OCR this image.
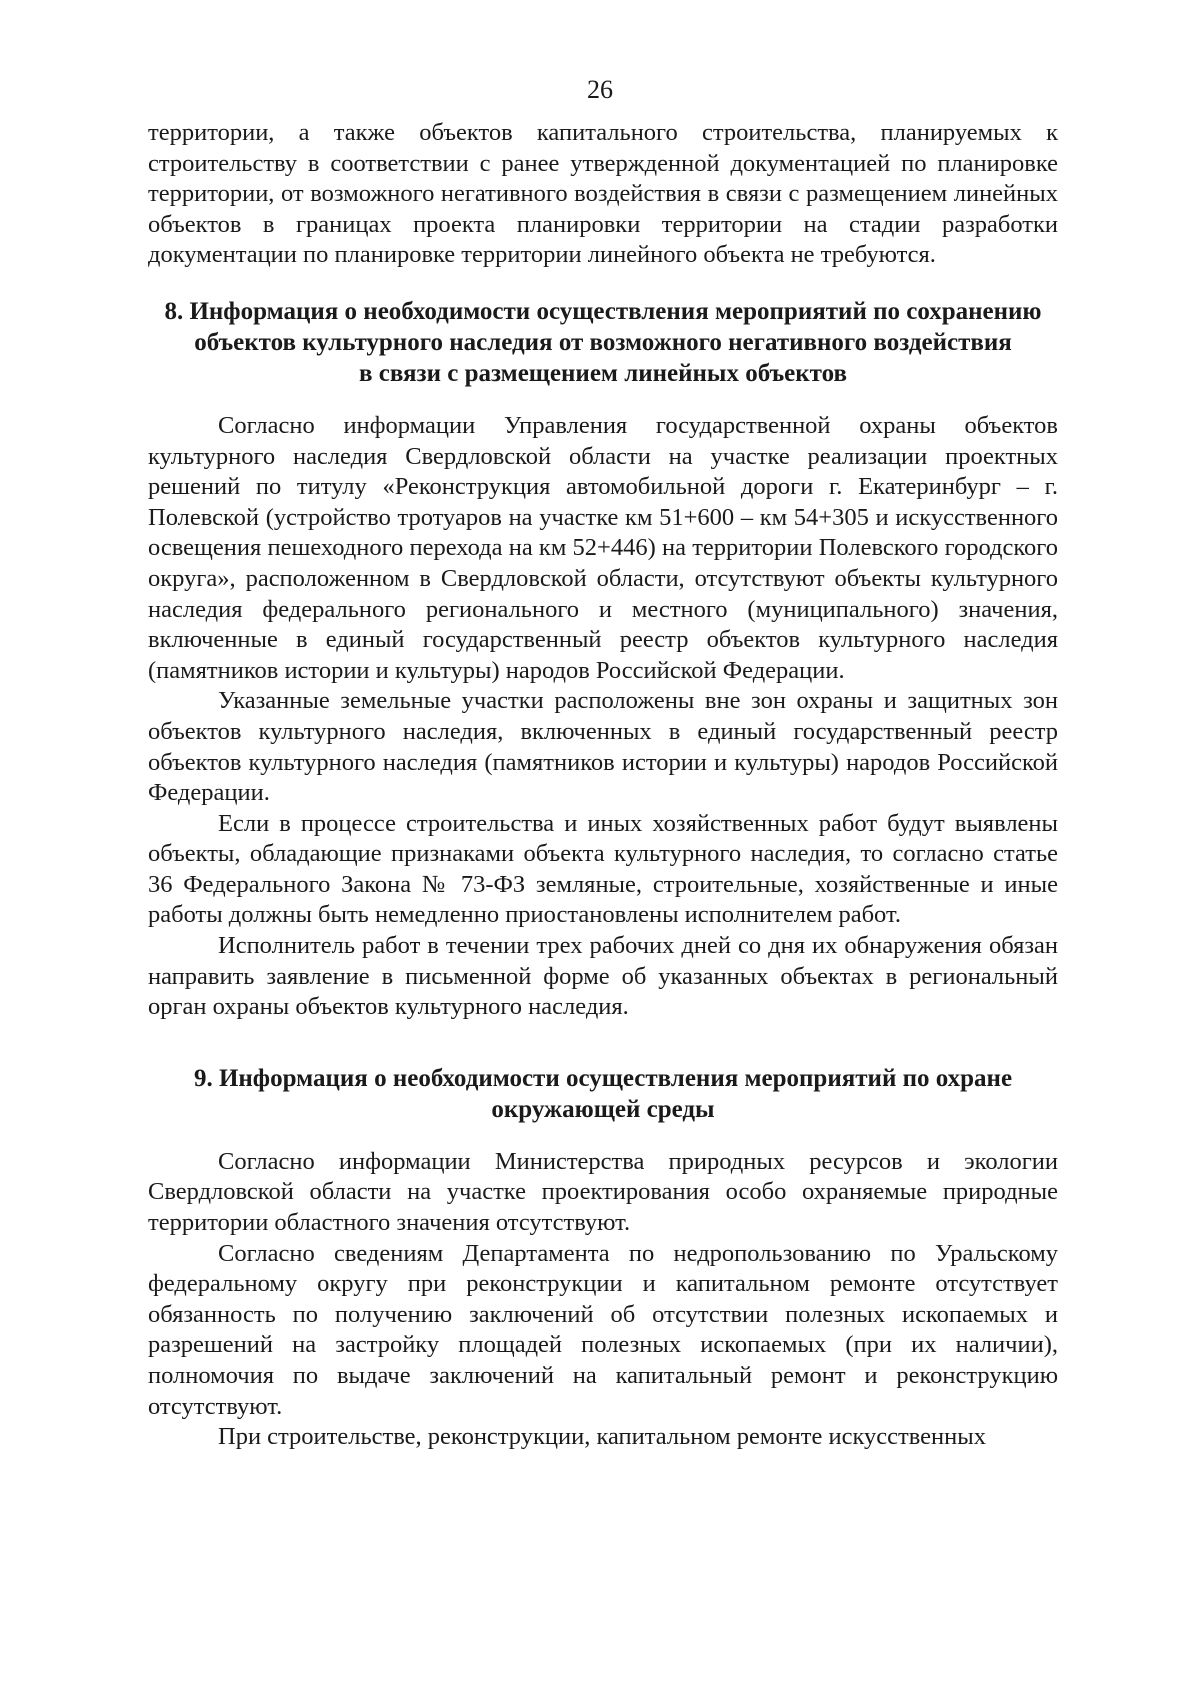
26

территории, а также объектов капитального строительства, планируемых к строительству в соответствии с ранее утвержденной документацией по планировке территории, от возможного негативного воздействия в связи с размещением линейных объектов в границах проекта планировки территории на стадии разработки документации по планировке территории линейного объекта не требуются.

8. Информация о необходимости осуществления мероприятий по сохранению
объектов культурного наследия от возможного негативного воздействия
в связи с размещением линейных объектов

Согласно информации Управления государственной охраны объектов культурного наследия Свердловской области на участке реализации проектных решений по титулу «Реконструкция автомобильной дороги г. Екатеринбург – г. Полевской (устройство тротуаров на участке км 51+600 – км 54+305 и искусственного освещения пешеходного перехода на км 52+446) на территории Полевского городского округа», расположенном в Свердловской области, отсутствуют объекты культурного наследия федерального регионального и местного (муниципального) значения, включенные в единый государственный реестр объектов культурного наследия (памятников истории и культуры) народов Российской Федерации.

Указанные земельные участки расположены вне зон охраны и защитных зон объектов культурного наследия, включенных в единый государственный реестр объектов культурного наследия (памятников истории и культуры) народов Российской Федерации.

Если в процессе строительства и иных хозяйственных работ будут выявлены объекты, обладающие признаками объекта культурного наследия, то согласно статье 36 Федерального Закона № 73-ФЗ земляные, строительные, хозяйственные и иные работы должны быть немедленно приостановлены исполнителем работ.

Исполнитель работ в течении трех рабочих дней со дня их обнаружения обязан направить заявление в письменной форме об указанных объектах в региональный орган охраны объектов культурного наследия.

9. Информация о необходимости осуществления мероприятий по охране
окружающей среды

Согласно информации Министерства природных ресурсов и экологии Свердловской области на участке проектирования особо охраняемые природные территории областного значения отсутствуют.

Согласно сведениям Департамента по недропользованию по Уральскому федеральному округу при реконструкции и капитальном ремонте отсутствует обязанность по получению заключений об отсутствии полезных ископаемых и разрешений на застройку площадей полезных ископаемых (при их наличии), полномочия по выдаче заключений на капитальный ремонт и реконструкцию отсутствуют.

При строительстве, реконструкции, капитальном ремонте искусственных
